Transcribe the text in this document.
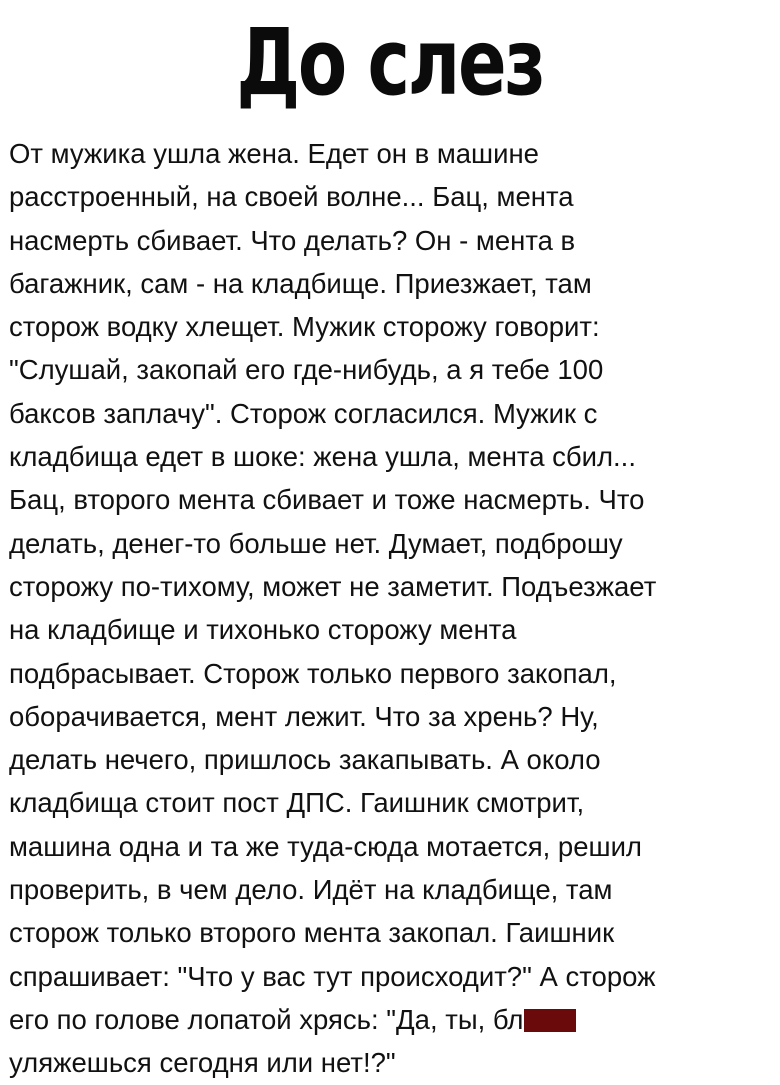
До слез
От мужика ушла жена. Едет он в машине
расстроенный, на своей волне... Бац, мента
насмерть сбивает. Что делать? Он - мента в
багажник, сам - на кладбище. Приезжает, там
сторож водку хлещет. Мужик сторожу говорит:
"Слушай, закопай его где-нибудь, а я тебе 100
баксов заплачу". Сторож согласился. Мужик с
кладбища едет в шоке: жена ушла, мента сбил...
Бац, второго мента сбивает и тоже насмерть. Что
делать, денег-то больше нет. Думает, подброшу
сторожу по-тихому, может не заметит. Подъезжает
на кладбище и тихонько сторожу мента
подбрасывает. Сторож только первого закопал,
оборачивается, мент лежит. Что за хрень? Ну,
делать нечего, пришлось закапывать. А около
кладбища стоит пост ДПС. Гаишник смотрит,
машина одна и та же туда-сюда мотается, решил
проверить, в чем дело. Идёт на кладбище, там
сторож только второго мента закопал. Гаишник
спрашивает: "Что у вас тут происходит?" А сторож
его по голове лопатой хрясь: "Да, ты, бл
уляжешься сегодня или нет!?"
